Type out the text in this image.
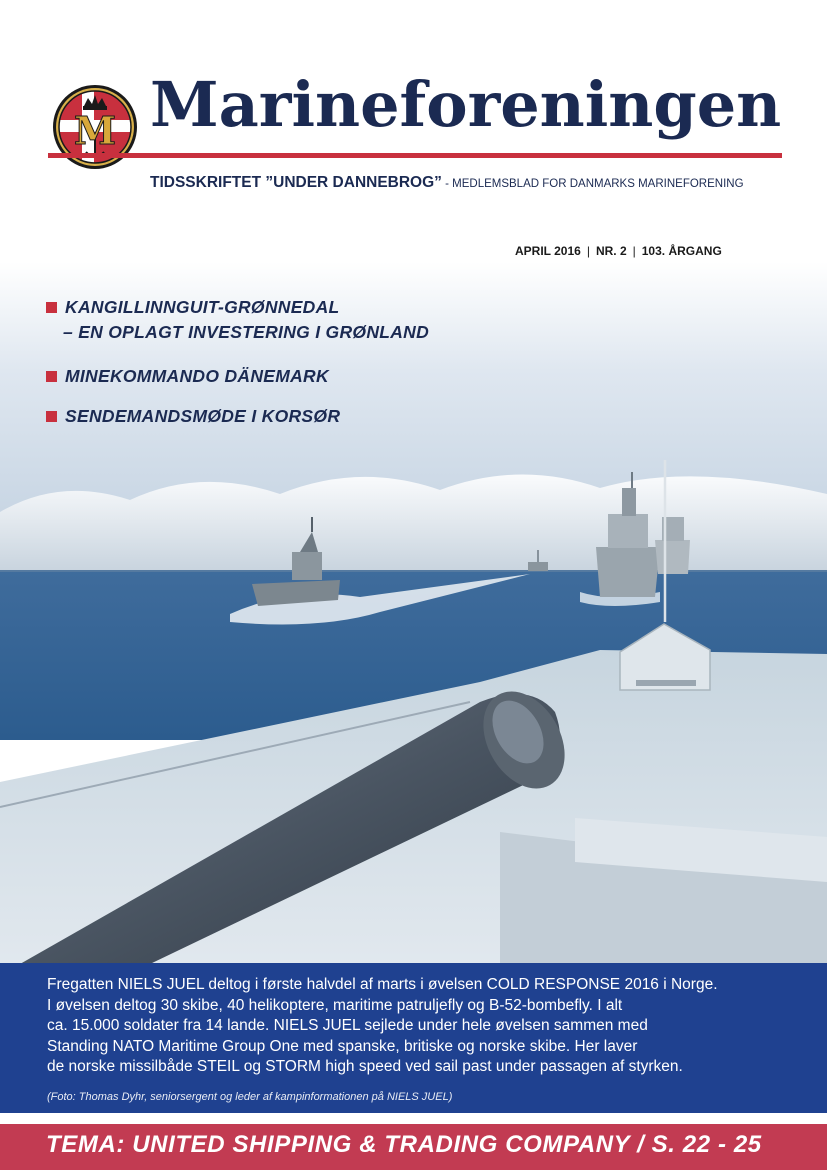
M Marineforeningen
TIDSSKRIFTET ”UNDER DANNEBROG” - MEDLEMSBLAD FOR DANMARKS MARINEFORENING
APRIL 2016 | NR. 2 | 103. ÅRGANG
KANGILLINNGUIT-GRØNNEDAL
– EN OPLAGT INVESTERING I GRØNLAND
MINEKOMMANDO DÄNEMARK
SENDEMANDSMØDE I KORSØR
Fregatten NIELS JUEL deltog i første halvdel af marts i øvelsen COLD RESPONSE 2016 i Norge.
I øvelsen deltog 30 skibe, 40 helikoptere, maritime patruljefly og B-52-bombefly. I alt
ca. 15.000 soldater fra 14 lande. NIELS JUEL sejlede under hele øvelsen sammen med
Standing NATO Maritime Group One med spanske, britiske og norske skibe. Her laver
de norske missilbåde STEIL og STORM high speed ved sail past under passagen af styrken.
(Foto: Thomas Dyhr, seniorsergent og leder af kampinformationen på NIELS JUEL)
TEMA: UNITED SHIPPING & TRADING COMPANY / S. 22 - 25
